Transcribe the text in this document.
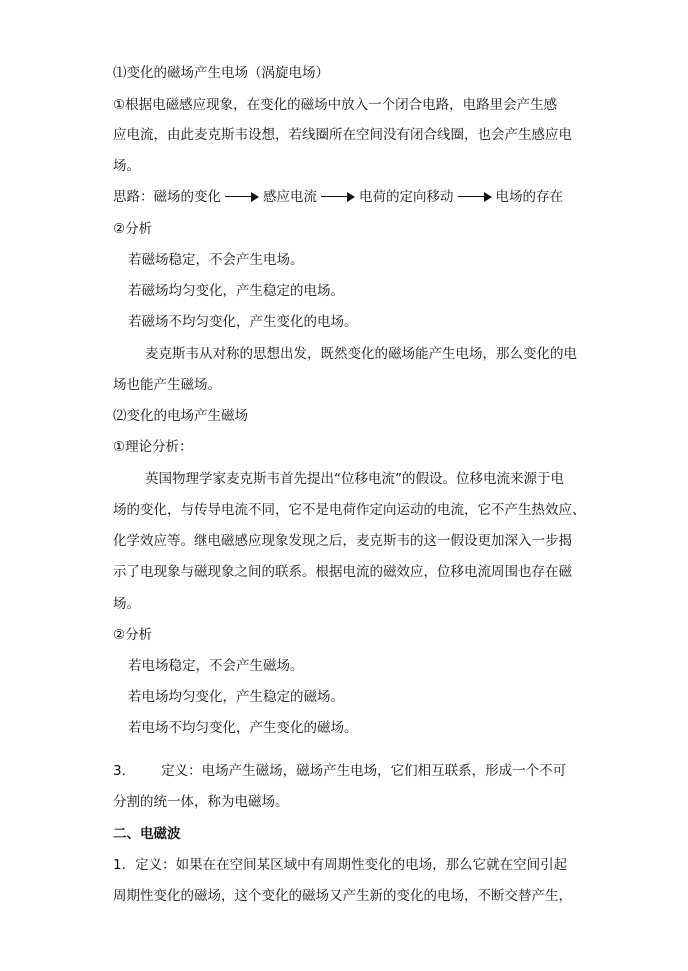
⑴变化的磁场产生电场（涡旋电场）
①根据电磁感应现象，在变化的磁场中放入一个闭合电路，电路里会产生感
应电流，由此麦克斯韦设想，若线圈所在空间没有闭合线圈，也会产生感应电
场。
思路： 磁场的变化	感应电流	电荷的定向移动	电场的存在
②分析
若磁场稳定，不会产生电场。
若磁场均匀变化，产生稳定的电场。
若磁场不均匀变化，产生变化的电场。
麦克斯韦从对称的思想出发，既然变化的磁场能产生电场，那么变化的电
场也能产生磁场。
⑵变化的电场产生磁场
①理论分析：
英国物理学家麦克斯韦首先提出“位移电流”的假设。位移电流来源于电
场的变化，与传导电流不同，它不是电荷作定向运动的电流，它不产生热效应、
化学效应等。继电磁感应现象发现之后，麦克斯韦的这一假设更加深入一步揭
示了电现象与磁现象之间的联系。根据电流的磁效应，位移电流周围也存在磁
场。
②分析
若电场稳定，不会产生磁场。
若电场均匀变化，产生稳定的磁场。
若电场不均匀变化，产生变化的磁场。
3． 定义：电场产生磁场，磁场产生电场，它们相互联系，形成一个不可
分割的统一体，称为电磁场。
二、电磁波
1．定义：如果在在空间某区域中有周期性变化的电场，那么它就在空间引起
周期性变化的磁场，这个变化的磁场又产生新的变化的电场，不断交替产生，
